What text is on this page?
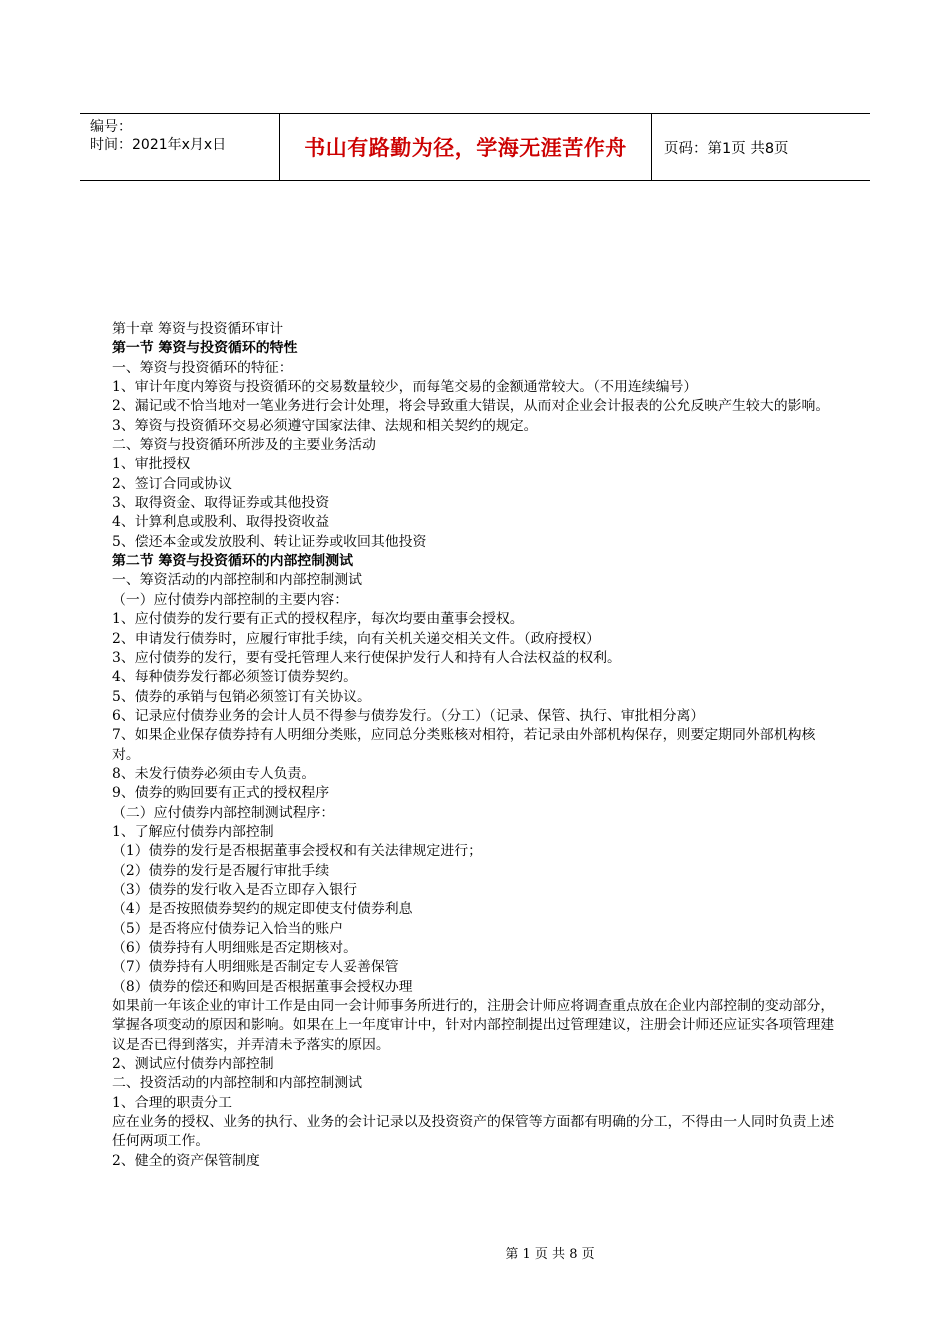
编号：
时间：2021年x月x日	书山有路勤为径，学海无涯苦作舟	页码：第1页 共8页

第十章 筹资与投资循环审计

第一节 筹资与投资循环的特性

一、筹资与投资循环的特征：

1、审计年度内筹资与投资循环的交易数量较少，而每笔交易的金额通常较大。（不用连续编号）

2、漏记或不恰当地对一笔业务进行会计处理，将会导致重大错误，从而对企业会计报表的公允反映产生较大的影响。

3、筹资与投资循环交易必须遵守国家法律、法规和相关契约的规定。

二、筹资与投资循环所涉及的主要业务活动

1、审批授权

2、签订合同或协议

3、取得资金、取得证券或其他投资

4、计算利息或股利、取得投资收益

5、偿还本金或发放股利、转让证券或收回其他投资

第二节 筹资与投资循环的内部控制测试

一、筹资活动的内部控制和内部控制测试

（一）应付债券内部控制的主要内容：

1、应付债券的发行要有正式的授权程序，每次均要由董事会授权。

2、申请发行债券时，应履行审批手续，向有关机关递交相关文件。（政府授权）

3、应付债券的发行，要有受托管理人来行使保护发行人和持有人合法权益的权利。

4、每种债券发行都必须签订债券契约。

5、债券的承销与包销必须签订有关协议。

6、记录应付债券业务的会计人员不得参与债券发行。（分工）（记录、保管、执行、审批相分离）

7、如果企业保存债券持有人明细分类账，应同总分类账核对相符，若记录由外部机构保存，则要定期同外部机构核对。

8、未发行债券必须由专人负责。

9、债券的购回要有正式的授权程序

（二）应付债券内部控制测试程序：

1、了解应付债券内部控制

（1）债券的发行是否根据董事会授权和有关法律规定进行；

（2）债券的发行是否履行审批手续

（3）债券的发行收入是否立即存入银行

（4）是否按照债券契约的规定即使支付债券利息

（5）是否将应付债券记入恰当的账户

（6）债券持有人明细账是否定期核对。

（7）债券持有人明细账是否制定专人妥善保管

（8）债券的偿还和购回是否根据董事会授权办理

如果前一年该企业的审计工作是由同一会计师事务所进行的，注册会计师应将调查重点放在企业内部控制的变动部分，掌握各项变动的原因和影响。如果在上一年度审计中，针对内部控制提出过管理建议，注册会计师还应证实各项管理建议是否已得到落实，并弄清未予落实的原因。

2、测试应付债券内部控制

二、投资活动的内部控制和内部控制测试

1、合理的职责分工

应在业务的授权、业务的执行、业务的会计记录以及投资资产的保管等方面都有明确的分工，不得由一人同时负责上述任何两项工作。

2、健全的资产保管制度

第 1 页 共 8 页
